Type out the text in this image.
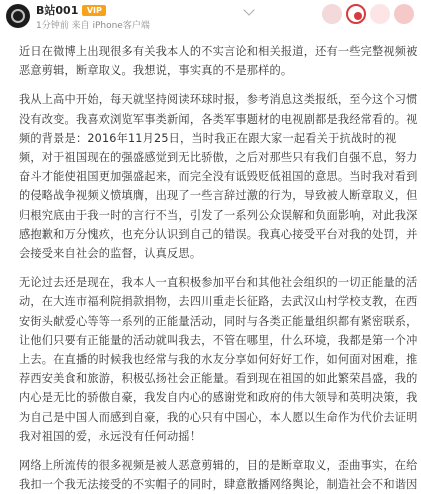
B站001	VIP
1分钟前 来自 iPhone客户端

近日在微博上出现很多有关我本人的不实言论和相关报道，还有一些完整视频被恶意剪辑，断章取义。我想说，事实真的不是那样的。

我从上高中开始，每天就坚持阅读环球时报，参考消息这类报纸，至今这个习惯没有改变。我喜欢浏览军事类新闻，各类军事题材的电视剧都是我经常看的。视频的背景是：2016年11月25日，当时我正在跟大家一起看关于抗战时的视频，对于祖国现在的强盛感觉到无比骄傲，之后对那些只有我们自强不息，努力奋斗才能使祖国更加强盛起来，而完全没有诋毁贬低祖国的意思。当时我对看到的侵略战争视频义愤填膺，出现了一些言辞过激的行为，导致被人断章取义，但归根究底由于我一时的言行不当，引发了一系列公众误解和负面影响，对此我深感抱歉和万分愧疚，也充分认识到自己的错误。我真心接受平台对我的处罚，并会接受来自社会的监督，认真反思。

无论过去还是现在，我本人一直积极参加平台和其他社会组织的一切正能量的活动，在大连市福利院捐款捐物，去四川重走长征路，去武汉山村学校支教，在西安街头献爱心等等一系列的正能量活动，同时与各类正能量组织都有紧密联系，让他们只要有正能量的活动就叫我去，不管在哪里，什么环境，我都是第一个冲上去。在直播的时候我也经常与我的水友分享如何好好工作，如何面对困难，推荐西安美食和旅游，积极弘扬社会正能量。看到现在祖国的如此繁荣昌盛，我的内心是无比的骄傲自豪，我发自内心的感谢党和政府的伟大领导和英明决策，我为自己是中国人而感到自豪，我的心只有中国心，本人愿以生命作为代价去证明我对祖国的爱，永远没有任何动摇！

网络上所流传的很多视频是被人恶意剪辑的，目的是断章取义，歪曲事实，在给我扣一个我无法接受的不实帽子的同时，肆意散播网络舆论，制造社会不和谐因
